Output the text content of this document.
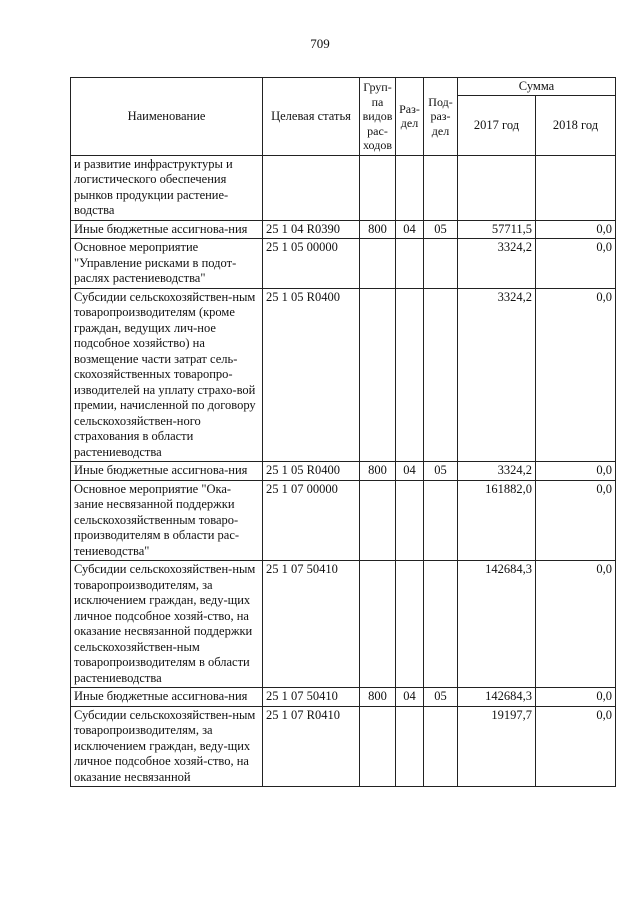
709
Наименование	Целевая статья	Груп-па видов рас-ходов	Раз-дел	Под-раз-дел	Сумма	
					2017 год	2018 год
и развитие инфраструктуры и логистического обеспечения рынков продукции растение-водства						
Иные бюджетные ассигнова-ния	25 1 04 R0390	800	04	05	57711,5	0,0
Основное мероприятие "Управление рисками в подот-раслях растениеводства"	25 1 05 00000				3324,2	0,0
Субсидии сельскохозяйствен-ным товаропроизводителям (кроме граждан, ведущих лич-ное подсобное хозяйство) на возмещение части затрат сель-скохозяйственных товаропро-изводителей на уплату страхо-вой премии, начисленной по договору сельскохозяйствен-ного страхования в области растениеводства	25 1 05 R0400				3324,2	0,0
Иные бюджетные ассигнова-ния	25 1 05 R0400	800	04	05	3324,2	0,0
Основное мероприятие "Ока-зание несвязанной поддержки сельскохозяйственным товаро-производителям в области рас-тениеводства"	25 1 07 00000				161882,0	0,0
Субсидии сельскохозяйствен-ным товаропроизводителям, за исключением граждан, веду-щих личное подсобное хозяй-ство, на оказание несвязанной поддержки сельскохозяйствен-ным товаропроизводителям в области растениеводства	25 1 07 50410				142684,3	0,0
Иные бюджетные ассигнова-ния	25 1 07 50410	800	04	05	142684,3	0,0
Субсидии сельскохозяйствен-ным товаропроизводителям, за исключением граждан, веду-щих личное подсобное хозяй-ство, на оказание несвязанной	25 1 07 R0410				19197,7	0,0
